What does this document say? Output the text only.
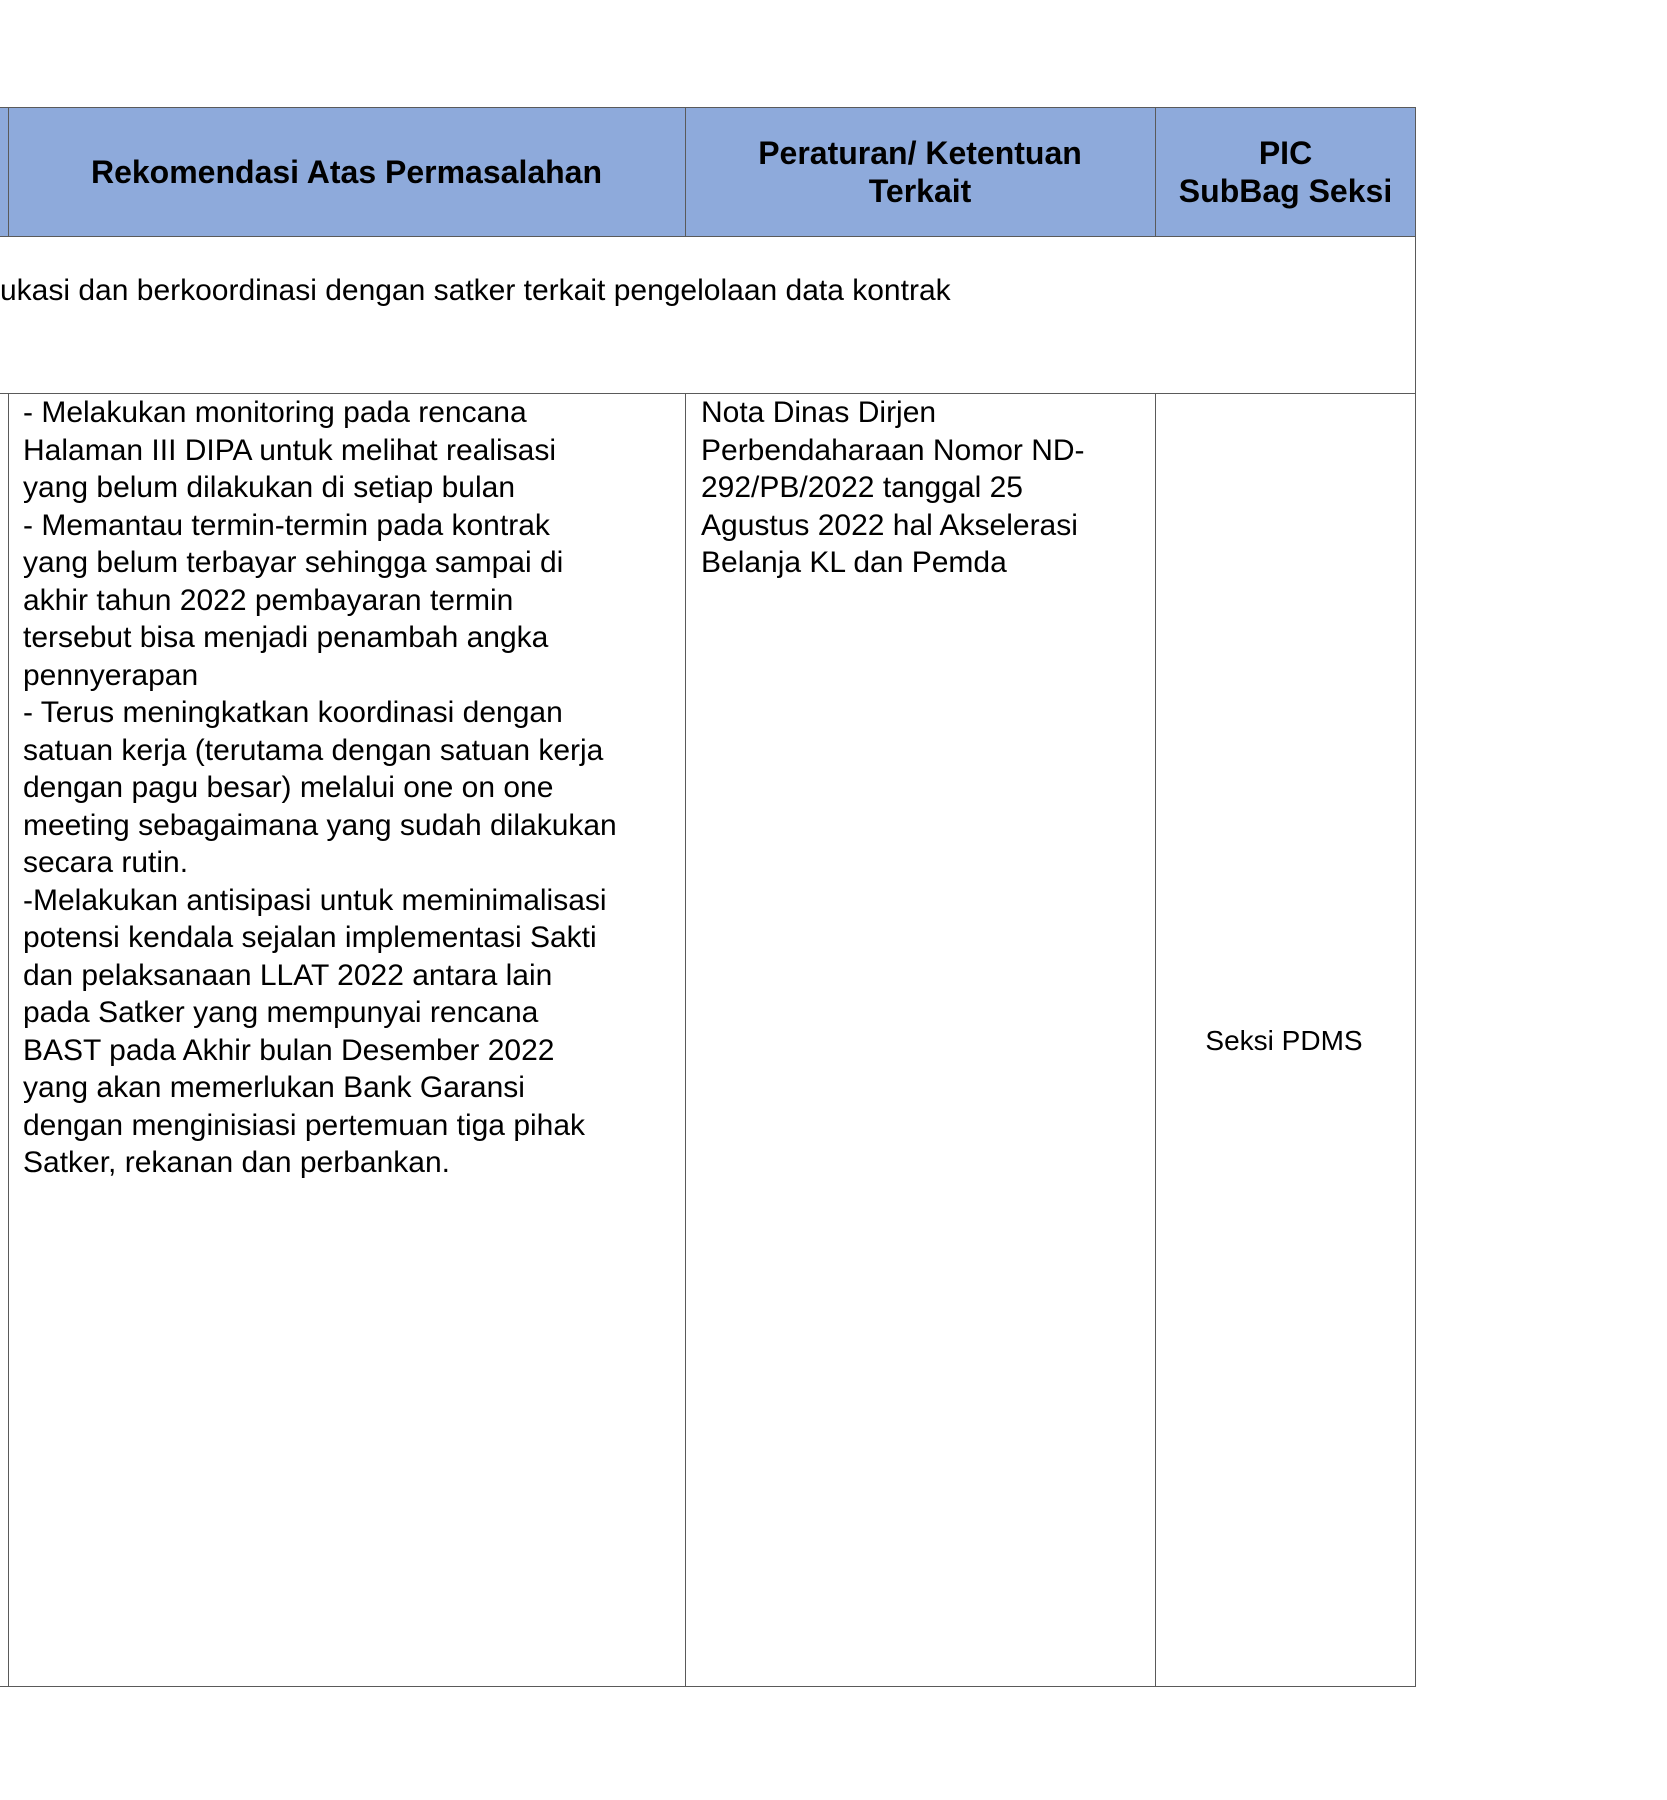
Rekomendasi Atas Permasalahan
Peraturan/ Ketentuan
Terkait
PIC
SubBag Seksi
ukasi dan berkoordinasi dengan satker terkait pengelolaan data kontrak
- Melakukan monitoring pada rencana
Halaman III DIPA untuk melihat realisasi
yang belum dilakukan di setiap bulan
- Memantau termin-termin pada kontrak
yang belum terbayar sehingga sampai di
akhir tahun 2022 pembayaran termin
tersebut bisa menjadi penambah angka
pennyerapan
- Terus meningkatkan koordinasi dengan
satuan kerja (terutama dengan satuan kerja
dengan pagu besar) melalui one on one
meeting sebagaimana yang sudah dilakukan
secara rutin.
-Melakukan antisipasi untuk meminimalisasi
potensi kendala sejalan implementasi Sakti
dan pelaksanaan LLAT 2022 antara lain
pada Satker yang mempunyai rencana
BAST pada Akhir bulan Desember 2022
yang akan memerlukan Bank Garansi
dengan menginisiasi pertemuan tiga pihak
Satker, rekanan dan perbankan.
Nota Dinas Dirjen
Perbendaharaan Nomor ND-
292/PB/2022 tanggal 25
Agustus 2022 hal Akselerasi
Belanja KL dan Pemda
Seksi PDMS
